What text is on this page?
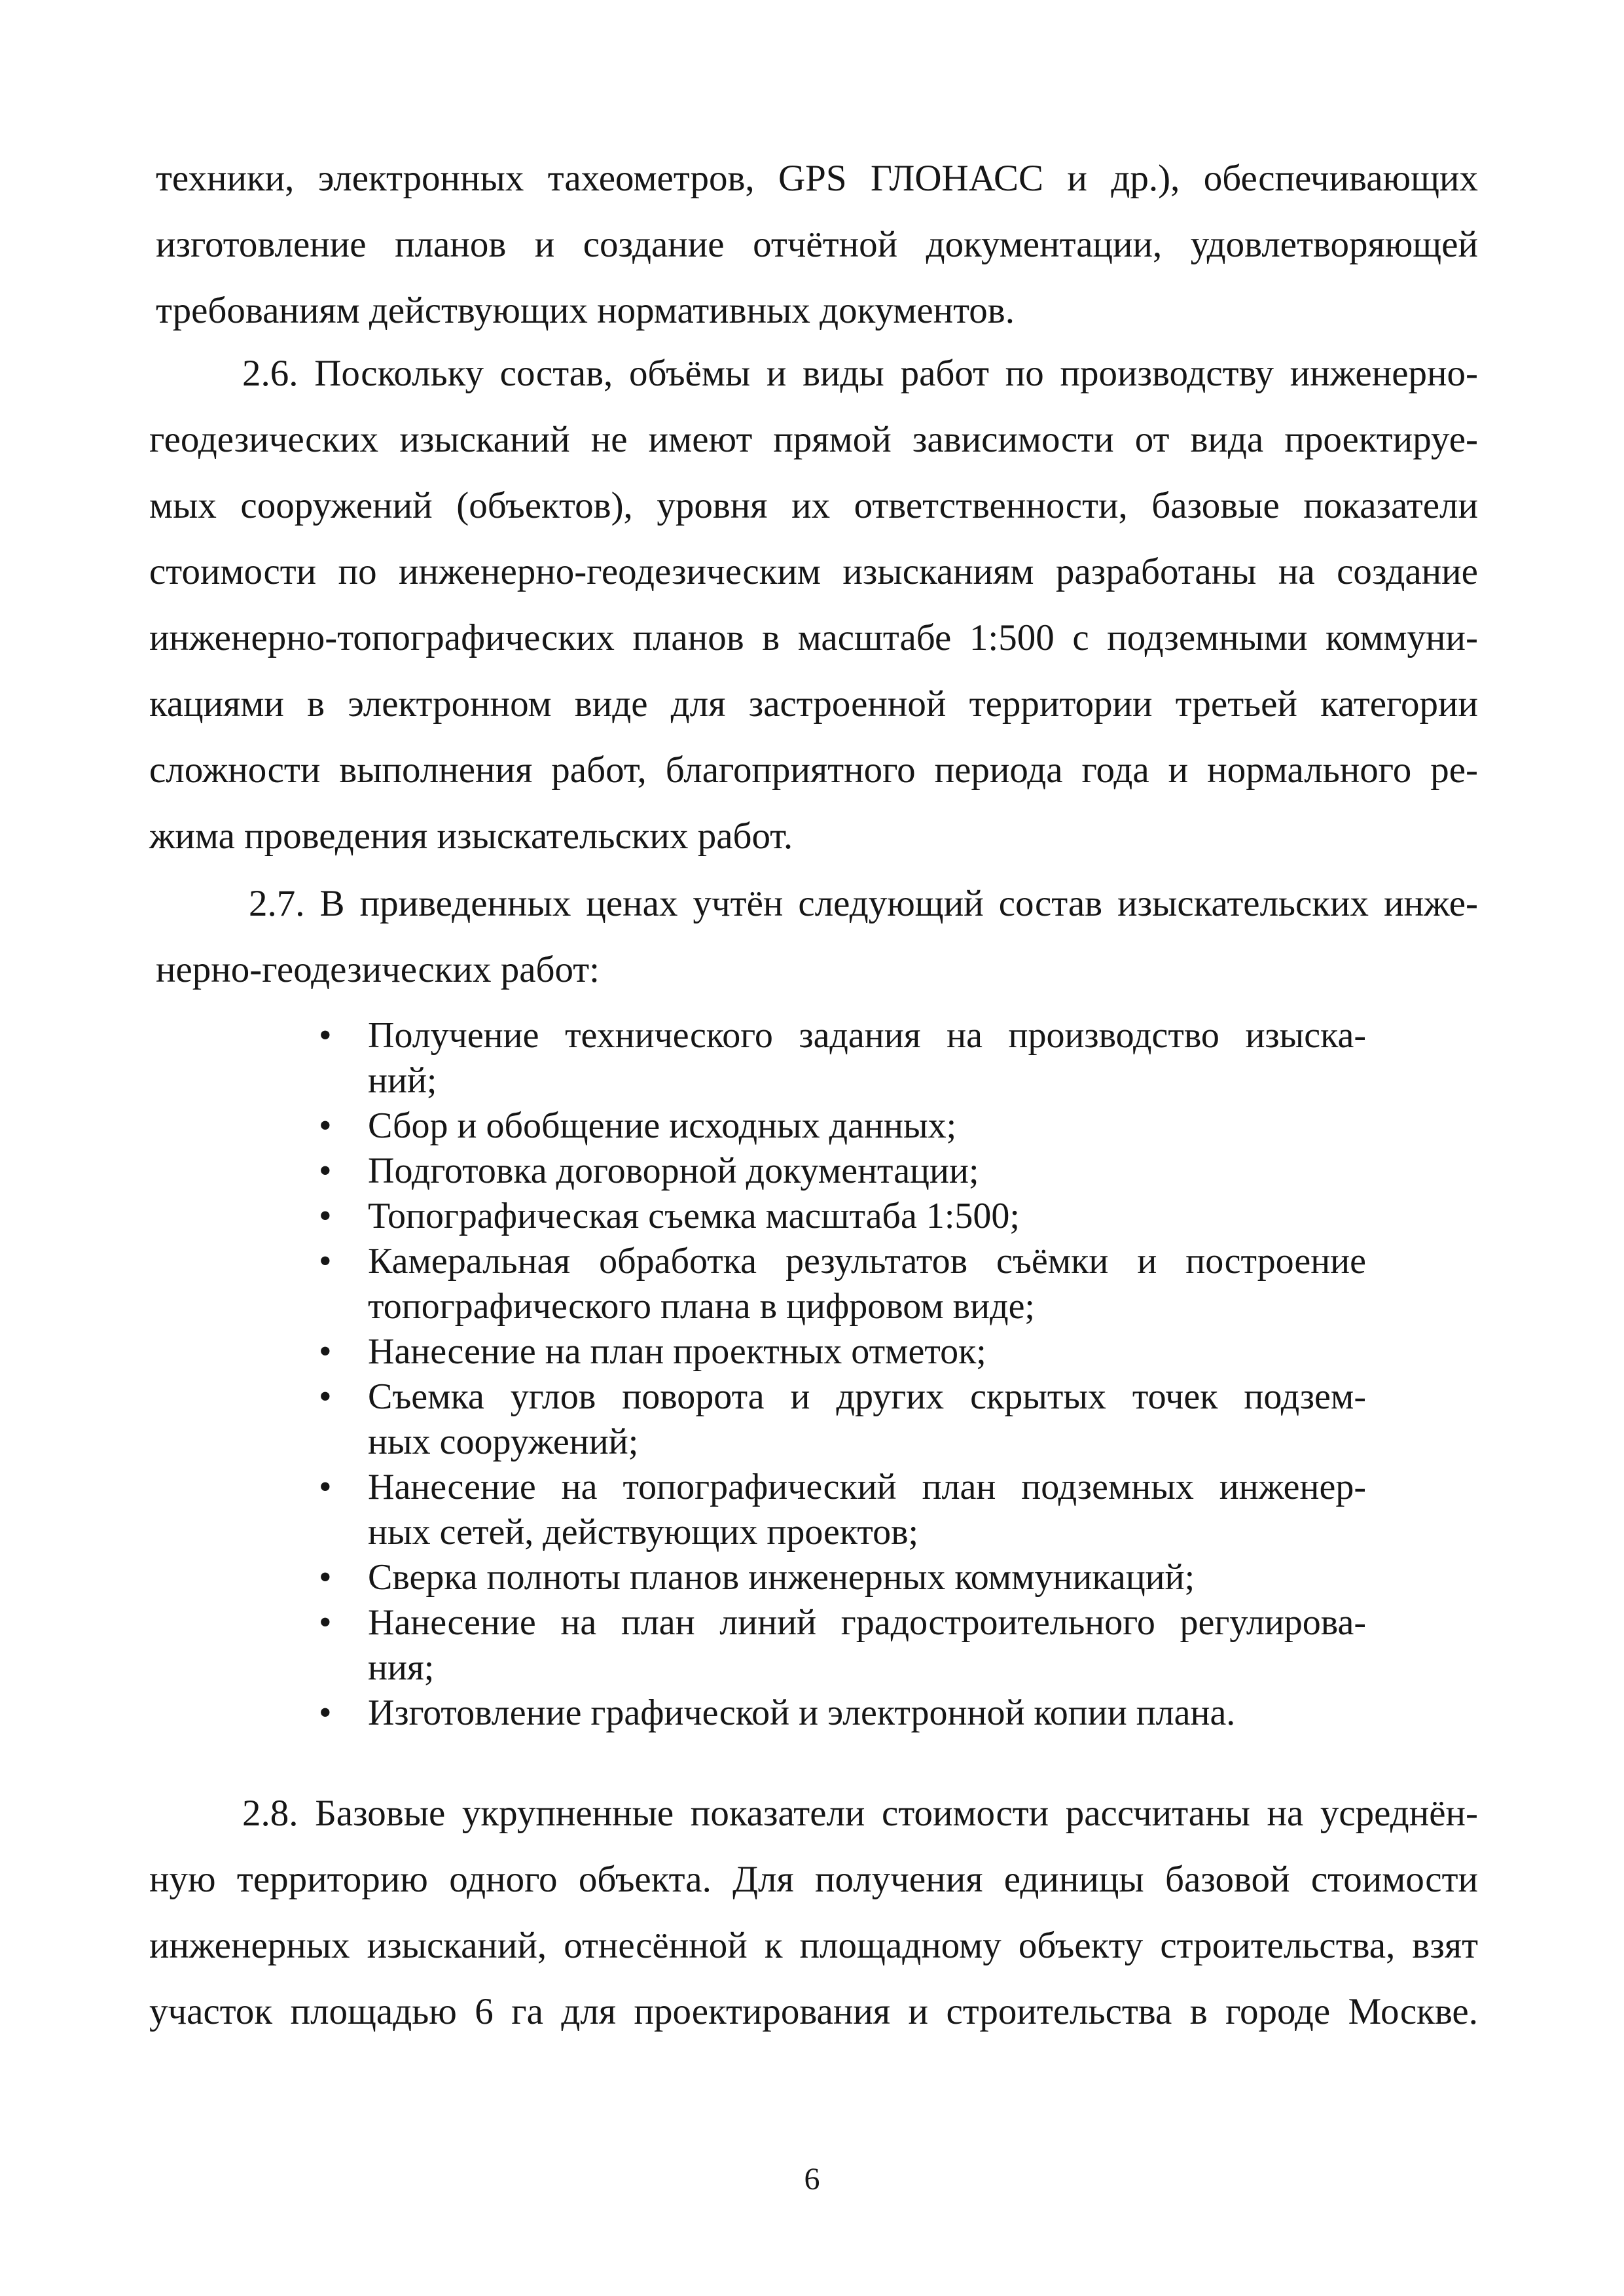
техники, электронных тахеометров, GPS ГЛОНАСС и др.), обеспечивающих
изготовление планов и создание отчётной документации, удовлетворяющей
требованиям действующих нормативных документов.
2.6. Поскольку состав, объёмы и виды работ по производству инженерно-
геодезических изысканий не имеют прямой зависимости от вида проектируе-
мых сооружений (объектов), уровня их ответственности, базовые показатели
стоимости по инженерно-геодезическим изысканиям разработаны на создание
инженерно-топографических планов в масштабе 1:500 с подземными коммуни-
кациями в электронном виде для застроенной территории третьей категории
сложности выполнения работ, благоприятного периода года и нормального ре-
жима проведения изыскательских работ.
2.7. В приведенных ценах учтён следующий состав изыскательских инже-
нерно-геодезических работ:
• Получение технического задания на производство изыска-
ний;
• Сбор и обобщение исходных данных;
• Подготовка договорной документации;
• Топографическая съемка масштаба 1:500;
• Камеральная обработка результатов съёмки и построение
топографического плана в цифровом виде;
• Нанесение на план проектных отметок;
• Съемка углов поворота и других скрытых точек подзем-
ных сооружений;
• Нанесение на топографический план подземных инженер-
ных сетей, действующих проектов;
• Сверка полноты планов инженерных коммуникаций;
• Нанесение на план линий градостроительного регулирова-
ния;
• Изготовление графической и электронной копии плана.
2.8. Базовые укрупненные показатели стоимости рассчитаны на усреднён-
ную территорию одного объекта. Для получения единицы базовой стоимости
инженерных изысканий, отнесённой к площадному объекту строительства, взят
участок площадью 6 га для проектирования и строительства в городе Москве.
6
